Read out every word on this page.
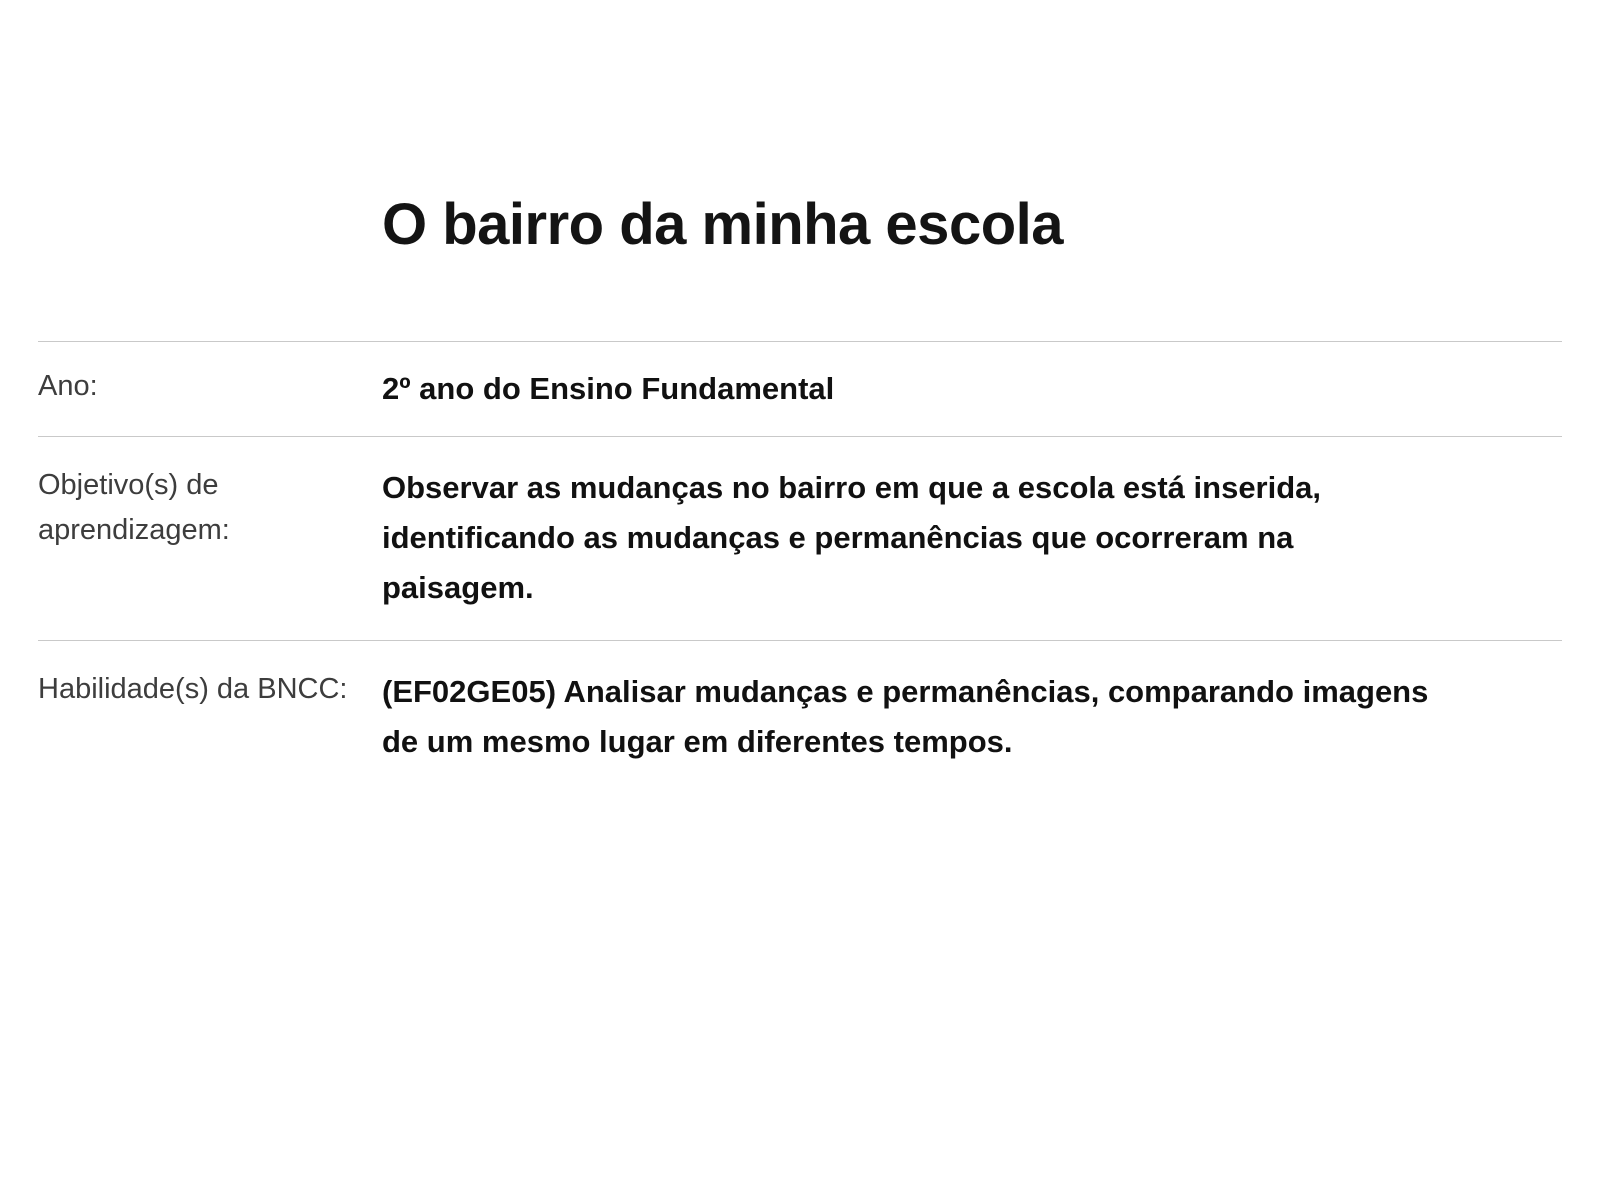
O bairro da minha escola
Ano:	2º ano do Ensino Fundamental
Objetivo(s) de aprendizagem:
Observar as mudanças no bairro em que a escola está inserida, identificando as mudanças e permanências que ocorreram na paisagem.
Habilidade(s) da BNCC:	(EF02GE05) Analisar mudanças e permanências, comparando imagens de um mesmo lugar em diferentes tempos.
